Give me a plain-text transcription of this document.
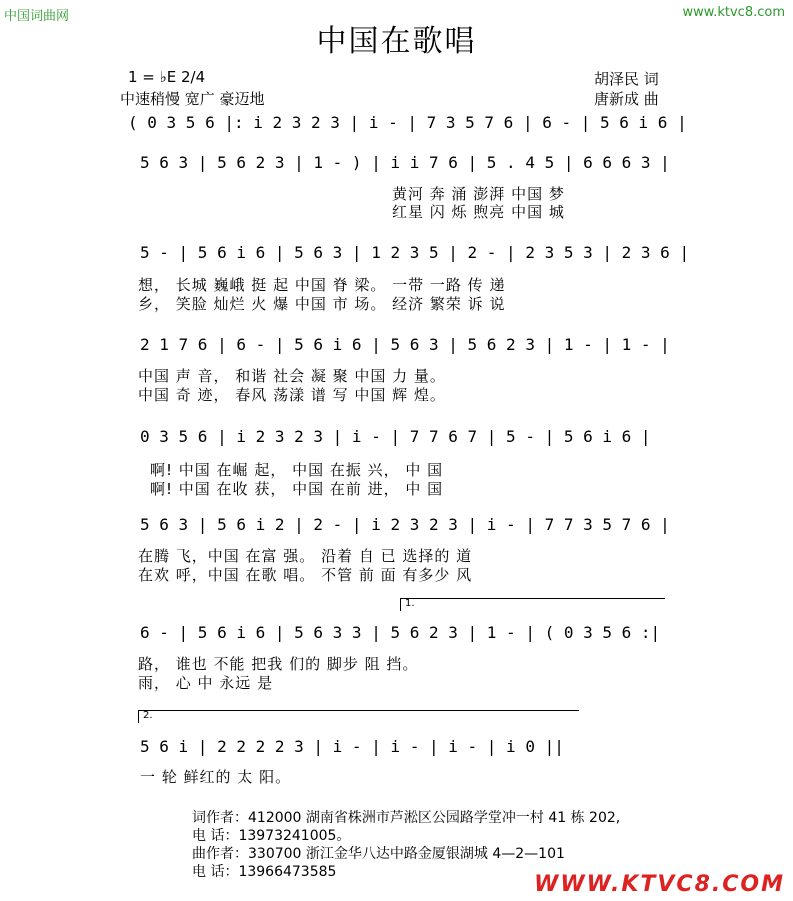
中国词曲网	www.ktvc8.com
中国在歌唱
1 = ♭E 2/4
中速稍慢 宽广 豪迈地
胡泽民 词
唐新成 曲
( 0 3 5 6 |: i 2 3 2 3 | i - | 7 3 5 7 6 | 6 - | 5 6 i 6 |
5 6 3 | 5 6 2 3 | 1 - ) | i i 7 6 | 5 . 4 5 | 6 6 6 3 |
黄河 奔 涌 澎湃 中国 梦
红星 闪 烁 煦亮 中国 城
5 - | 5 6 i 6 | 5 6 3 | 1 2 3 5 | 2 - | 2 3 5 3 | 2 3 6 |
想， 长城 巍峨 挺 起 中国 脊 梁。 一带 一路 传 递
乡， 笑脸 灿烂 火 爆 中国 市 场。 经济 繁荣 诉 说
2 1 7 6 | 6 - | 5 6 i 6 | 5 6 3 | 5 6 2 3 | 1 - | 1 - |
中国 声 音， 和谐 社会 凝 聚 中国 力 量。
中国 奇 迹， 春风 荡漾 谱 写 中国 辉 煌。
0 3 5 6 | i 2 3 2 3 | i - | 7 7 6 7 | 5 - | 5 6 i 6 |
啊! 中国 在崛 起， 中国 在振 兴， 中 国
啊! 中国 在收 获， 中国 在前 进， 中 国
5 6 3 | 5 6 i 2 | 2 - | i 2 3 2 3 | i - | 7 7 3 5 7 6 |
在腾 飞，中国 在富 强。 沿着 自 已 选择的 道
在欢 呼，中国 在歌 唱。 不管 前 面 有多少 风
1.
6 - | 5 6 i 6 | 5 6 3 3 | 5 6 2 3 | 1 - | ( 0 3 5 6 :|
路， 谁也 不能 把我 们的 脚步 阻 挡。
雨， 心 中 永远 是
2.
5 6 i | 2 2 2 2 3 | i - | i - | i - | i 0 ||
一 轮 鲜红的 太 阳。
词作者：412000 湖南省株洲市芦淞区公园路学堂冲一村 41 栋 202,
电 话：13973241005。
曲作者：330700 浙江金华八达中路金厦银湖城 4—2—101
电 话：13966473585	WWW.KTVC8.COM
